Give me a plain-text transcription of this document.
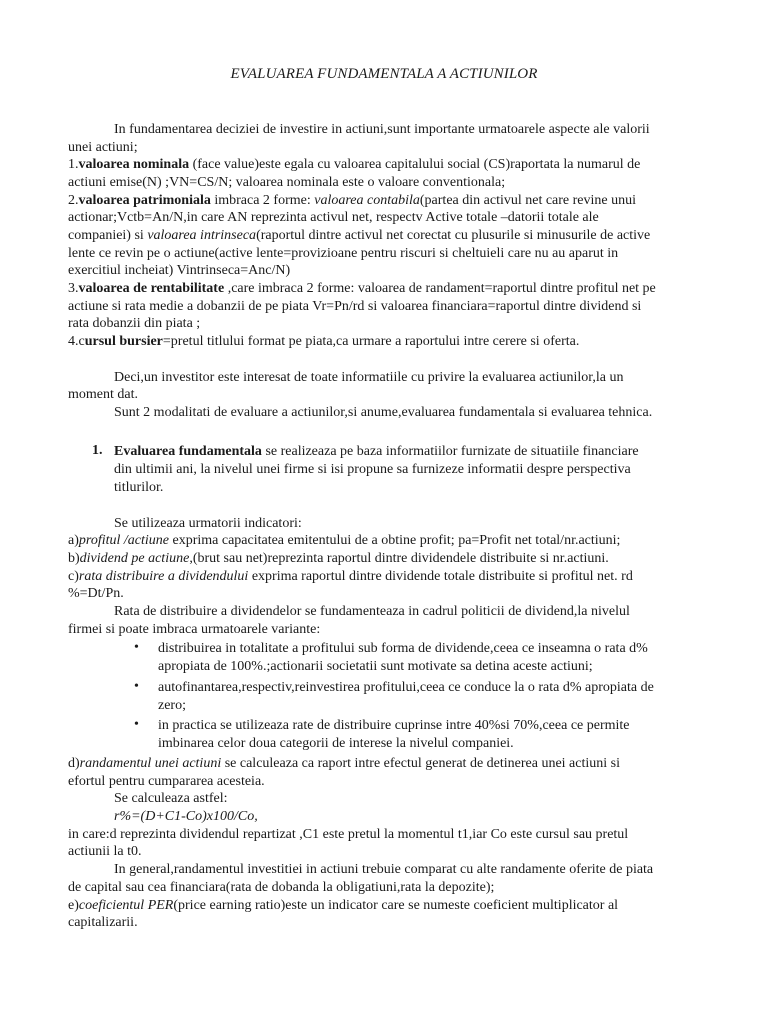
EVALUAREA FUNDAMENTALA A ACTIUNILOR
In fundamentarea deciziei de investire in actiuni,sunt importante urmatoarele aspecte ale valorii
unei actiuni;
1.valoarea nominala (face value)este egala cu valoarea capitalului social (CS)raportata la numarul de
actiuni emise(N) ;VN=CS/N; valoarea nominala este o valoare conventionala;
2.valoarea patrimoniala imbraca 2 forme: valoarea contabila(partea din activul net care revine unui
actionar;Vctb=An/N,in care AN reprezinta activul net, respectv Active totale –datorii totale ale
companiei) si valoarea intrinseca(raportul dintre activul net corectat cu plusurile si minusurile de active
lente ce revin pe o actiune(active lente=provizioane pentru riscuri si cheltuieli care nu au aparut in
exercitiul incheiat) Vintrinseca=Anc/N)
3.valoarea de rentabilitate ,care imbraca 2 forme: valoarea de randament=raportul dintre profitul net pe
actiune si rata medie a dobanzii de pe piata Vr=Pn/rd si valoarea financiara=raportul dintre dividend si
rata dobanzii din piata ;
4.cursul bursier=pretul titlului format pe piata,ca urmare a raportului intre cerere si oferta.
Deci,un investitor este interesat de toate informatiile cu privire la evaluarea actiunilor,la un
moment dat.
Sunt 2 modalitati de evaluare a actiunilor,si anume,evaluarea fundamentala si evaluarea tehnica.
1. Evaluarea fundamentala se realizeaza pe baza informatiilor furnizate de situatiile financiare
din ultimii ani, la nivelul unei firme si isi propune sa furnizeze informatii despre perspectiva
titlurilor.
Se utilizeaza urmatorii indicatori:
a)profitul /actiune exprima capacitatea emitentului de a obtine profit; pa=Profit net total/nr.actiuni;
b)dividend pe actiune,(brut sau net)reprezinta raportul dintre dividendele distribuite si nr.actiuni.
c)rata distribuire a dividendului exprima raportul dintre dividende totale distribuite si profitul net. rd
%=Dt/Pn.
Rata de distribuire a dividendelor se fundamenteaza in cadrul politicii de dividend,la nivelul
firmei si poate imbraca urmatoarele variante:
• distribuirea in totalitate a profitului sub forma de dividende,ceea ce inseamna o rata d%
apropiata de 100%.;actionarii societatii sunt motivate sa detina aceste actiuni;
• autofinantarea,respectiv,reinvestirea profitului,ceea ce conduce la o rata d% apropiata de
zero;
• in practica se utilizeaza rate de distribuire cuprinse intre 40%si 70%,ceea ce permite
imbinarea celor doua categorii de interese la nivelul companiei.
d)randamentul unei actiuni se calculeaza ca raport intre efectul generat de detinerea unei actiuni si
efortul pentru cumpararea acesteia.
Se calculeaza astfel:
r%=(D+C1-Co)x100/Co,
in care:d reprezinta dividendul repartizat ,C1 este pretul la momentul t1,iar Co este cursul sau pretul
actiunii la t0.
In general,randamentul investitiei in actiuni trebuie comparat cu alte randamente oferite de piata
de capital sau cea financiara(rata de dobanda la obligatiuni,rata la depozite);
e)coeficientul PER(price earning ratio)este un indicator care se numeste coeficient multiplicator al
capitalizarii.
